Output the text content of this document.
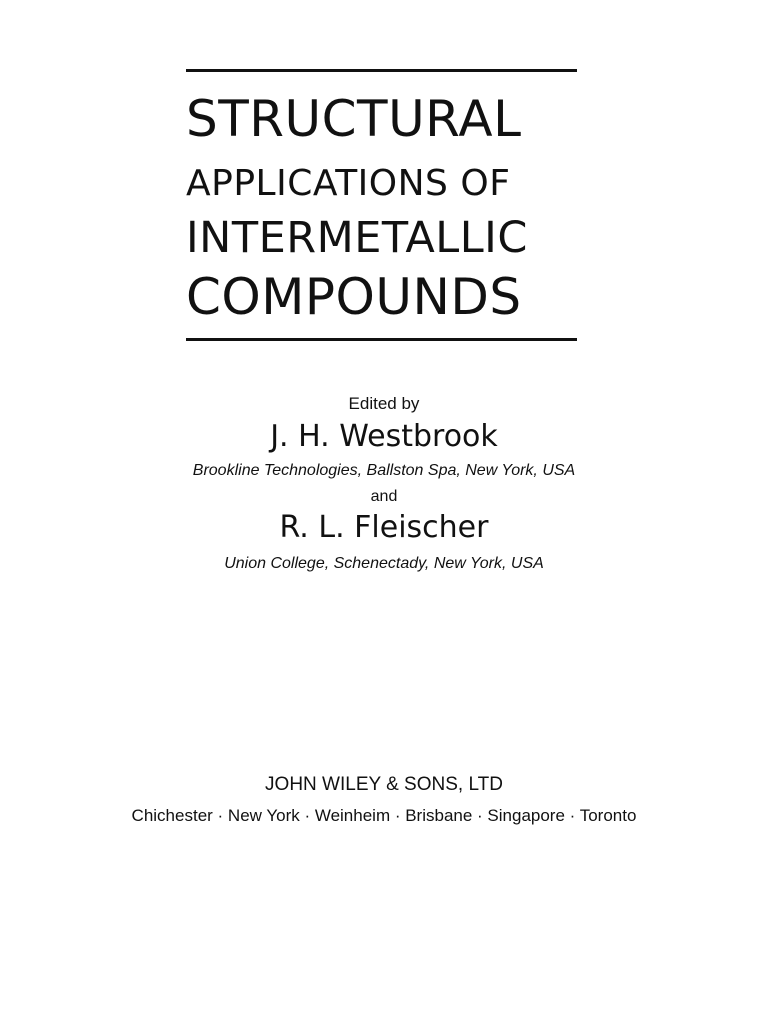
STRUCTURAL
APPLICATIONS OF
INTERMETALLIC
COMPOUNDS
Edited by
J. H. Westbrook
Brookline Technologies, Ballston Spa, New York, USA
and
R. L. Fleischer
Union College, Schenectady, New York, USA
JOHN WILEY & SONS, LTD
Chichester · New York · Weinheim · Brisbane · Singapore · Toronto
